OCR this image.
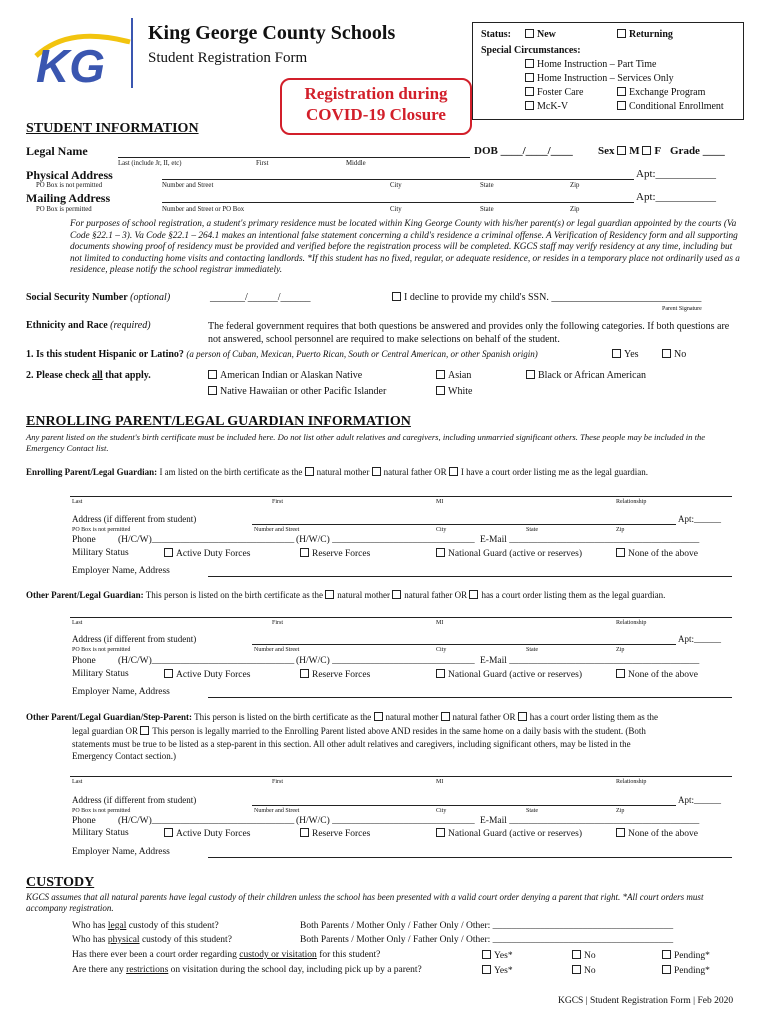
KG
King George County Schools
Student Registration Form
Registration during
COVID-19 Closure
Status:	New	Returning
Special Circumstances:
Home Instruction – Part Time
Home Instruction – Services Only
Foster Care	Exchange Program
McK-V	Conditional Enrollment
STUDENT INFORMATION
Legal Name	DOB ____/____/____ Sex M F Grade ____
Last (include Jr, II, etc)	First	Middle
Physical Address	Apt:___________
PO Box is not permitted	Number and Street	City	State	Zip
Mailing Address	Apt:___________
PO Box is permitted	Number and Street or PO Box	City	State	Zip
For purposes of school registration, a student's primary residence must be located within King George County with his/her parent(s) or legal guardian appointed by the courts (Va Code §22.1 – 3). Va Code §22.1 – 264.1 makes an intentional false statement concerning a child's residence a criminal offense. A Verification of Residency form and all supporting documents showing proof of residency must be provided and verified before the registration process will be completed. KGCS staff may verify residency at any time, including but not limited to conducting home visits and contacting landlords. *If this student has no fixed, regular, or adequate residence, or resides in a temporary place not ordinarily used as a residence, please notify the school registrar immediately.
Social Security Number (optional)	_______/______/______	I decline to provide my child's SSN. ______________________________
Parent Signature
Ethnicity and Race (required)	The federal government requires that both questions be answered and provides only the following categories. If both questions are not answered, school personnel are required to make selections on behalf of the student.
1. Is this student Hispanic or Latino? (a person of Cuban, Mexican, Puerto Rican, South or Central American, or other Spanish origin)	Yes	No
2. Please check all that apply.	American Indian or Alaskan Native	Asian	Black or African American
Native Hawaiian or other Pacific Islander	White
ENROLLING PARENT/LEGAL GUARDIAN INFORMATION
Any parent listed on the student's birth certificate must be included here. Do not list other adult relatives and caregivers, including unmarried significant others. These people may be included in the Emergency Contact list.
Enrolling Parent/Legal Guardian: I am listed on the birth certificate as the natural mother natural father OR I have a court order listing me as the legal guardian.
Last	First	MI	Relationship
Address (if different from student)	Apt:______
PO Box is not permitted	Number and Street	City	State	Zip
Phone (H/C/W)______________________________ (H/W/C) ______________________________ E-Mail ________________________________________
Military Status	Active Duty Forces	Reserve Forces	National Guard (active or reserves)	None of the above
Employer Name, Address
Other Parent/Legal Guardian: This person is listed on the birth certificate as the natural mother natural father OR has a court order listing them as the legal guardian.
Last	First	MI	Relationship
Address (if different from student)	Apt:______
PO Box is not permitted	Number and Street	City	State	Zip
Phone (H/C/W)______________________________ (H/W/C) ______________________________ E-Mail ________________________________________
Military Status	Active Duty Forces	Reserve Forces	National Guard (active or reserves)	None of the above
Employer Name, Address
Other Parent/Legal Guardian/Step-Parent: This person is listed on the birth certificate as the natural mother natural father OR has a court order listing them as the
legal guardian OR This person is legally married to the Enrolling Parent listed above AND resides in the same home on a daily basis with the student. (Both
statements must be true to be listed as a step-parent in this section. All other adult relatives and caregivers, including significant others, may be listed in the
Emergency Contact section.)
Last	First	MI	Relationship
Address (if different from student)	Apt:______
PO Box is not permitted	Number and Street	City	State	Zip
Phone (H/C/W)______________________________ (H/W/C) ______________________________ E-Mail ________________________________________
Military Status	Active Duty Forces	Reserve Forces	National Guard (active or reserves)	None of the above
Employer Name, Address
CUSTODY
KGCS assumes that all natural parents have legal custody of their children unless the school has been presented with a valid court order denying a parent that right. *All court orders must accompany registration.
Who has legal custody of this student?	Both Parents / Mother Only / Father Only / Other: ______________________________________
Who has physical custody of this student?	Both Parents / Mother Only / Father Only / Other: ______________________________________
Has there ever been a court order regarding custody or visitation for this student?	Yes*	No	Pending*
Are there any restrictions on visitation during the school day, including pick up by a parent?	Yes*	No	Pending*
KGCS | Student Registration Form | Feb 2020
